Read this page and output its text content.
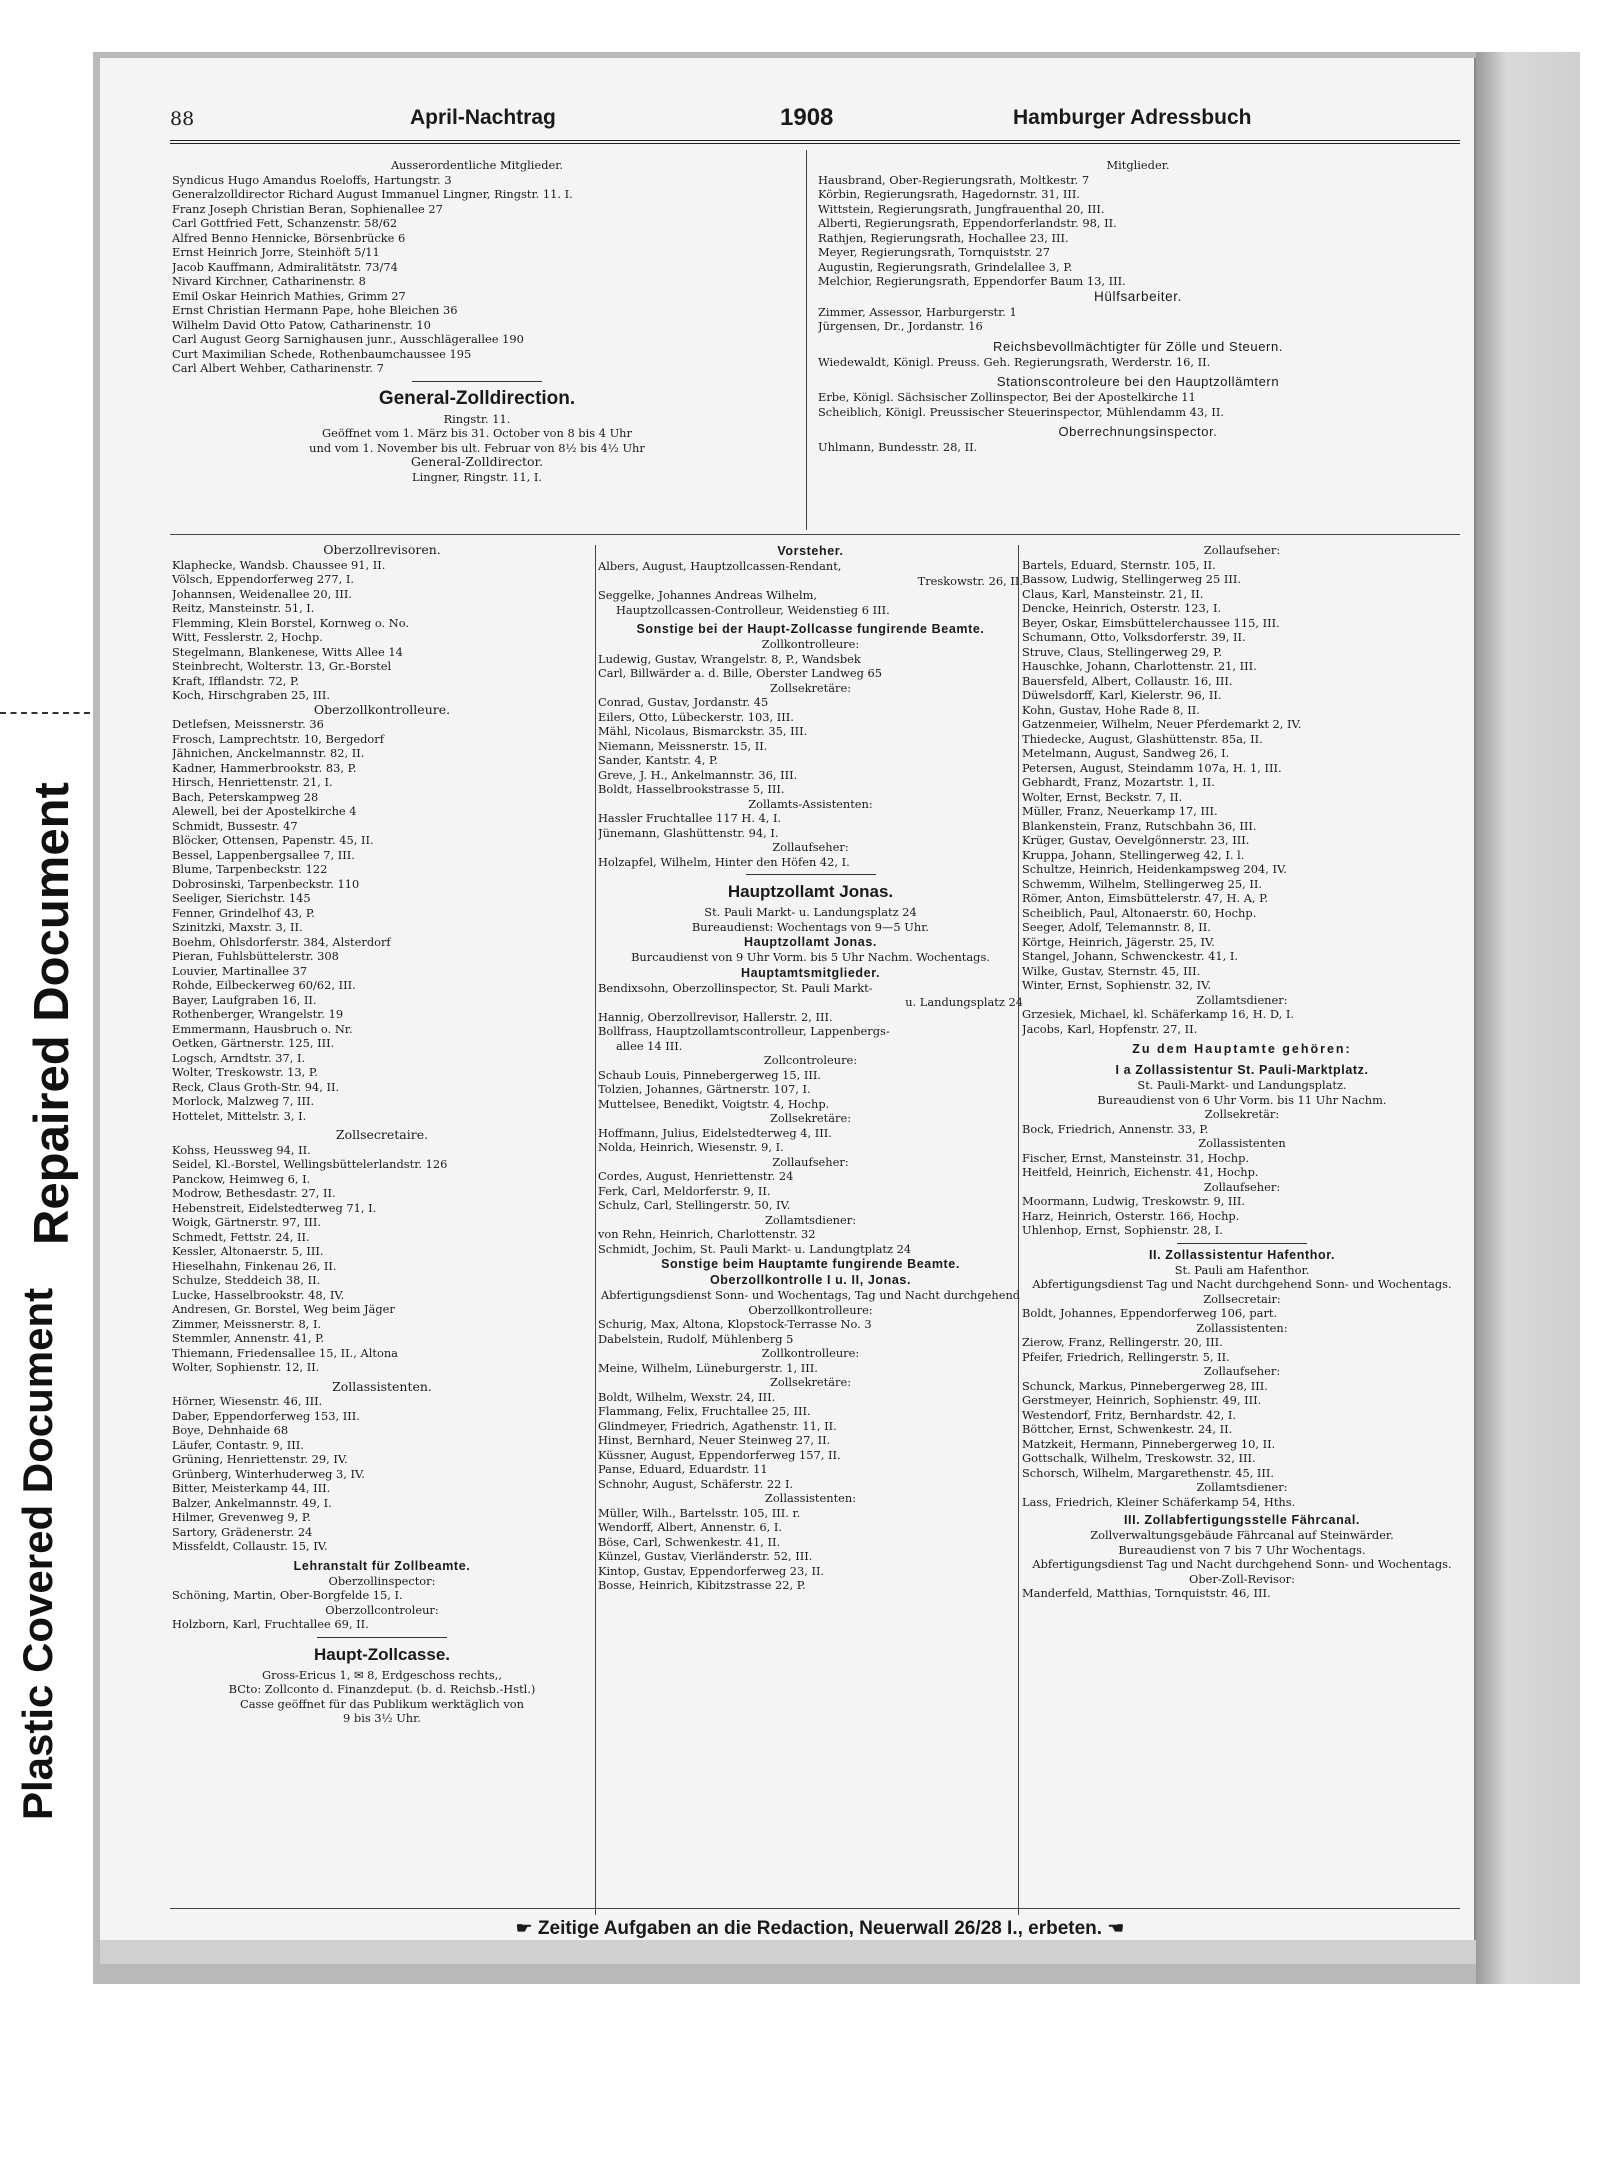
Repaired Document
Plastic Covered Document
88	April-Nachtrag	1908	Hamburger Adressbuch
Ausserordentliche Mitglieder.
Syndicus Hugo Amandus Roeloffs, Hartungstr. 3
Generalzolldirector Richard August Immanuel Lingner, Ringstr. 11. I.
Franz Joseph Christian Beran, Sophienallee 27
Carl Gottfried Fett, Schanzenstr. 58/62
Alfred Benno Hennicke, Börsenbrücke 6
Ernst Heinrich Jorre, Steinhöft 5/11
Jacob Kauffmann, Admiralitätstr. 73/74
Nivard Kirchner, Catharinenstr. 8
Emil Oskar Heinrich Mathies, Grimm 27
Ernst Christian Hermann Pape, hohe Bleichen 36
Wilhelm David Otto Patow, Catharinenstr. 10
Carl August Georg Sarnighausen junr., Ausschlägerallee 190
Curt Maximilian Schede, Rothenbaumchaussee 195
Carl Albert Wehber, Catharinenstr. 7
General-Zolldirection.
Ringstr. 11.
Geöffnet vom 1. März bis 31. October von 8 bis 4 Uhr
und vom 1. November bis ult. Februar von 8½ bis 4½ Uhr
General-Zolldirector.
Lingner, Ringstr. 11, I.
Mitglieder.
Hausbrand, Ober-Regierungsrath, Moltkestr. 7
Körbin, Regierungsrath, Hagedornstr. 31, III.
Wittstein, Regierungsrath, Jungfrauenthal 20, III.
Alberti, Regierungsrath, Eppendorferlandstr. 98, II.
Rathjen, Regierungsrath, Hochallee 23, III.
Meyer, Regierungsrath, Tornquiststr. 27
Augustin, Regierungsrath, Grindelallee 3, P.
Melchior, Regierungsrath, Eppendorfer Baum 13, III.
Hülfsarbeiter.
Zimmer, Assessor, Harburgerstr. 1
Jürgensen, Dr., Jordanstr. 16
Reichsbevollmächtigter für Zölle und Steuern.
Wiedewaldt, Königl. Preuss. Geh. Regierungsrath, Werderstr. 16, II.
Stationscontroleure bei den Hauptzollämtern
Erbe, Königl. Sächsischer Zollinspector, Bei der Apostelkirche 11
Scheiblich, Königl. Preussischer Steuerinspector, Mühlendamm 43, II.
Oberrechnungsinspector.
Uhlmann, Bundesstr. 28, II.
Oberzollrevisoren.
Klaphecke, Wandsb. Chaussee 91, II.
Völsch, Eppendorferweg 277, I.
Johannsen, Weidenallee 20, III.
Reitz, Mansteinstr. 51, I.
Flemming, Klein Borstel, Kornweg o. No.
Witt, Fesslerstr. 2, Hochp.
Stegelmann, Blankenese, Witts Allee 14
Steinbrecht, Wolterstr. 13, Gr.-Borstel
Kraft, Ifflandstr. 72, P.
Koch, Hirschgraben 25, III.
Oberzollkontrolleure.
Detlefsen, Meissnerstr. 36
Frosch, Lamprechtstr. 10, Bergedorf
Jähnichen, Anckelmannstr. 82, II.
Kadner, Hammerbrookstr. 83, P.
Hirsch, Henriettenstr. 21, I.
Bach, Peterskampweg 28
Alewell, bei der Apostelkirche 4
Schmidt, Bussestr. 47
Blöcker, Ottensen, Papenstr. 45, II.
Bessel, Lappenbergsallee 7, III.
Blume, Tarpenbeckstr. 122
Dobrosinski, Tarpenbeckstr. 110
Seeliger, Sierichstr. 145
Fenner, Grindelhof 43, P.
Szinitzki, Maxstr. 3, II.
Boehm, Ohlsdorferstr. 384, Alsterdorf
Pieran, Fuhlsbüttelerstr. 308
Louvier, Martinallee 37
Rohde, Eilbeckerweg 60/62, III.
Bayer, Laufgraben 16, II.
Rothenberger, Wrangelstr. 19
Emmermann, Hausbruch o. Nr.
Oetken, Gärtnerstr. 125, III.
Logsch, Arndtstr. 37, I.
Wolter, Treskowstr. 13, P.
Reck, Claus Groth-Str. 94, II.
Morlock, Malzweg 7, III.
Hottelet, Mittelstr. 3, I.
Zollsecretaire.
Kohss, Heussweg 94, II.
Seidel, Kl.-Borstel, Wellingsbüttelerlandstr. 126
Panckow, Heimweg 6, I.
Modrow, Bethesdastr. 27, II.
Hebenstreit, Eidelstedterweg 71, I.
Woigk, Gärtnerstr. 97, III.
Schmedt, Fettstr. 24, II.
Kessler, Altonaerstr. 5, III.
Hieselhahn, Finkenau 26, II.
Schulze, Steddeich 38, II.
Lucke, Hasselbrookstr. 48, IV.
Andresen, Gr. Borstel, Weg beim Jäger
Zimmer, Meissnerstr. 8, I.
Stemmler, Annenstr. 41, P.
Thiemann, Friedensallee 15, II., Altona
Wolter, Sophienstr. 12, II.
Zollassistenten.
Hörner, Wiesenstr. 46, III.
Daber, Eppendorferweg 153, III.
Boye, Dehnhaide 68
Läufer, Contastr. 9, III.
Grüning, Henriettenstr. 29, IV.
Grünberg, Winterhuderweg 3, IV.
Bitter, Meisterkamp 44, III.
Balzer, Ankelmannstr. 49, I.
Hilmer, Grevenweg 9, P.
Sartory, Grädenerstr. 24
Missfeldt, Collaustr. 15, IV.
Lehranstalt für Zollbeamte.
Oberzollinspector:
Schöning, Martin, Ober-Borgfelde 15, I.
Oberzollcontroleur:
Holzborn, Karl, Fruchtallee 69, II.
Haupt-Zollcasse.
Gross-Ericus 1, ✉ 8, Erdgeschoss rechts,,
BCto: Zollconto d. Finanzdeput. (b. d. Reichsb.-Hstl.)
Casse geöffnet für das Publikum werktäglich von
9 bis 3½ Uhr.
Vorsteher.
Albers, August, Hauptzollcassen-Rendant,
Treskowstr. 26, II.
Seggelke, Johannes Andreas Wilhelm,
Hauptzollcassen-Controlleur, Weidenstieg 6 III.
Sonstige bei der Haupt-Zollcasse fungirende Beamte.
Zollkontrolleure:
Ludewig, Gustav, Wrangelstr. 8, P., Wandsbek
Carl, Billwärder a. d. Bille, Oberster Landweg 65
Zollsekretäre:
Conrad, Gustav, Jordanstr. 45
Eilers, Otto, Lübeckerstr. 103, III.
Mähl, Nicolaus, Bismarckstr. 35, III.
Niemann, Meissnerstr. 15, II.
Sander, Kantstr. 4, P.
Greve, J. H., Ankelmannstr. 36, III.
Boldt, Hasselbrookstrasse 5, III.
Zollamts-Assistenten:
Hassler Fruchtallee 117 H. 4, I.
Jünemann, Glashüttenstr. 94, I.
Zollaufseher:
Holzapfel, Wilhelm, Hinter den Höfen 42, I.
Hauptzollamt Jonas.
St. Pauli Markt- u. Landungsplatz 24
Bureaudienst: Wochentags von 9—5 Uhr.
Hauptzollamt Jonas.
Burcaudienst von 9 Uhr Vorm. bis 5 Uhr Nachm. Wochentags.
Hauptamtsmitglieder.
Bendixsohn, Oberzollinspector, St. Pauli Markt-
u. Landungsplatz 24
Hannig, Oberzollrevisor, Hallerstr. 2, III.
Bollfrass, Hauptzollamtscontrolleur, Lappenbergs-
allee 14 III.
Zollcontroleure:
Schaub Louis, Pinnebergerweg 15, III.
Tolzien, Johannes, Gärtnerstr. 107, I.
Muttelsee, Benedikt, Voigtstr. 4, Hochp.
Zollsekretäre:
Hoffmann, Julius, Eidelstedterweg 4, III.
Nolda, Heinrich, Wiesenstr. 9, I.
Zollaufseher:
Cordes, August, Henriettenstr. 24
Ferk, Carl, Meldorferstr. 9, II.
Schulz, Carl, Stellingerstr. 50, IV.
Zollamtsdiener:
von Rehn, Heinrich, Charlottenstr. 32
Schmidt, Jochim, St. Pauli Markt- u. Landungtplatz 24
Sonstige beim Hauptamte fungirende Beamte.
Oberzollkontrolle I u. II, Jonas.
Abfertigungsdienst Sonn- und Wochentags, Tag und Nacht durchgehend
Oberzollkontrolleure:
Schurig, Max, Altona, Klopstock-Terrasse No. 3
Dabelstein, Rudolf, Mühlenberg 5
Zollkontrolleure:
Meine, Wilhelm, Lüneburgerstr. 1, III.
Zollsekretäre:
Boldt, Wilhelm, Wexstr. 24, III.
Flammang, Felix, Fruchtallee 25, III.
Glindmeyer, Friedrich, Agathenstr. 11, II.
Hinst, Bernhard, Neuer Steinweg 27, II.
Küssner, August, Eppendorferweg 157, II.
Panse, Eduard, Eduardstr. 11
Schnohr, August, Schäferstr. 22 I.
Zollassistenten:
Müller, Wilh., Bartelsstr. 105, III. r.
Wendorff, Albert, Annenstr. 6, I.
Böse, Carl, Schwenkestr. 41, II.
Künzel, Gustav, Vierländerstr. 52, III.
Kintop, Gustav, Eppendorferweg 23, II.
Bosse, Heinrich, Kibitzstrasse 22, P.
Zollaufseher:
Bartels, Eduard, Sternstr. 105, II.
Bassow, Ludwig, Stellingerweg 25 III.
Claus, Karl, Mansteinstr. 21, II.
Dencke, Heinrich, Osterstr. 123, I.
Beyer, Oskar, Eimsbüttelerchaussee 115, III.
Schumann, Otto, Volksdorferstr. 39, II.
Struve, Claus, Stellingerweg 29, P.
Hauschke, Johann, Charlottenstr. 21, III.
Bauersfeld, Albert, Collaustr. 16, III.
Düwelsdorff, Karl, Kielerstr. 96, II.
Kohn, Gustav, Hohe Rade 8, II.
Gatzenmeier, Wilhelm, Neuer Pferdemarkt 2, IV.
Thiedecke, August, Glashüttenstr. 85a, II.
Metelmann, August, Sandweg 26, I.
Petersen, August, Steindamm 107a, H. 1, III.
Gebhardt, Franz, Mozartstr. 1, II.
Wolter, Ernst, Beckstr. 7, II.
Müller, Franz, Neuerkamp 17, III.
Blankenstein, Franz, Rutschbahn 36, III.
Krüger, Gustav, Oevelgönnerstr. 23, III.
Kruppa, Johann, Stellingerweg 42, I. l.
Schultze, Heinrich, Heidenkampsweg 204, IV.
Schwemm, Wilhelm, Stellingerweg 25, II.
Römer, Anton, Eimsbüttelerstr. 47, H. A, P.
Scheiblich, Paul, Altonaerstr. 60, Hochp.
Seeger, Adolf, Telemannstr. 8, II.
Körtge, Heinrich, Jägerstr. 25, IV.
Stangel, Johann, Schwenckestr. 41, I.
Wilke, Gustav, Sternstr. 45, III.
Winter, Ernst, Sophienstr. 32, IV.
Zollamtsdiener:
Grzesiek, Michael, kl. Schäferkamp 16, H. D, I.
Jacobs, Karl, Hopfenstr. 27, II.
Zu dem Hauptamte gehören:
I a Zollassistentur St. Pauli-Marktplatz.
St. Pauli-Markt- und Landungsplatz.
Bureaudienst von 6 Uhr Vorm. bis 11 Uhr Nachm.
Zollsekretär:
Bock, Friedrich, Annenstr. 33, P.
Zollassistenten
Fischer, Ernst, Mansteinstr. 31, Hochp.
Heitfeld, Heinrich, Eichenstr. 41, Hochp.
Zollaufseher:
Moormann, Ludwig, Treskowstr. 9, III.
Harz, Heinrich, Osterstr. 166, Hochp.
Uhlenhop, Ernst, Sophienstr. 28, I.
II. Zollassistentur Hafenthor.
St. Pauli am Hafenthor.
Abfertigungsdienst Tag und Nacht durchgehend Sonn- und Wochentags.
Zollsecretair:
Boldt, Johannes, Eppendorferweg 106, part.
Zollassistenten:
Zierow, Franz, Rellingerstr. 20, III.
Pfeifer, Friedrich, Rellingerstr. 5, II.
Zollaufseher:
Schunck, Markus, Pinnebergerweg 28, III.
Gerstmeyer, Heinrich, Sophienstr. 49, III.
Westendorf, Fritz, Bernhardstr. 42, I.
Böttcher, Ernst, Schwenkestr. 24, II.
Matzkeit, Hermann, Pinnebergerweg 10, II.
Gottschalk, Wilhelm, Treskowstr. 32, III.
Schorsch, Wilhelm, Margarethenstr. 45, III.
Zollamtsdiener:
Lass, Friedrich, Kleiner Schäferkamp 54, Hths.
III. Zollabfertigungsstelle Fährcanal.
Zollverwaltungsgebäude Fährcanal auf Steinwärder.
Bureaudienst von 7 bis 7 Uhr Wochentags.
Abfertigungsdienst Tag und Nacht durchgehend Sonn- und Wochentags.
Ober-Zoll-Revisor:
Manderfeld, Matthias, Tornquiststr. 46, III.
☛ Zeitige Aufgaben an die Redaction, Neuerwall 26/28 I., erbeten. ☚
